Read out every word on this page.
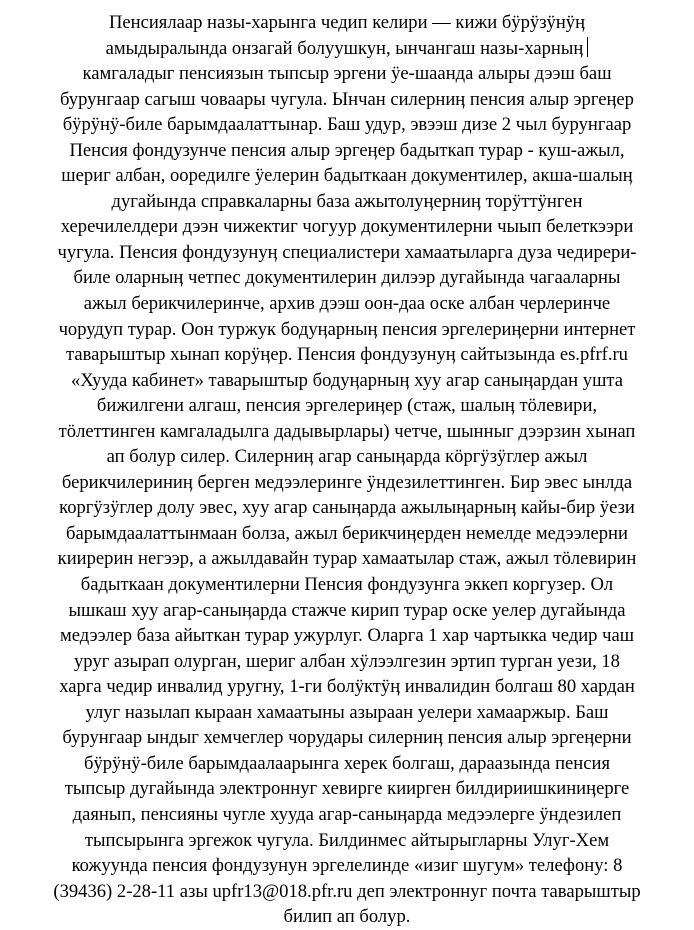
Пенсиялаар назы-харынга чедип келири — кижи бӱрӱзӱнӱӊ
амыдыралында онзагай болуушкун, ынчангаш назы-харныӊ
камгаладыг пенсиязын тыпсыр эргени ӱе-шаанда алыры дээш баш
бурунгаар сагыш човаары чугула. Ынчан силерниӊ пенсия алыр эргеӊер
бӱрӱнӱ-биле барымдаалаттынар. Баш удур, эвээш дизе 2 чыл бурунгаар
Пенсия фондузунче пенсия алыр эргеӊер бадыткап турар - куш-ажыл,
шериг албан, ооредилге ӱелерин бадыткаан документилер, акша-шалыӊ
дугайында справкаларны база ажытолуӊерниӊ торӱттӱнген
херечилелдери дээн чижектиг чогуур документилерни чыып белеткээри
чугула. Пенсия фондузунуӊ специалистери хамаатыларга дуза чедирери-
биле оларныӊ четпес документилерин дилээр дугайында чагааларны
ажыл берикчилеринче, архив дээш оон-даа оске албан черлеринче
чорудуп турар. Оон туржук бодуӊарныӊ пенсия эргелериӊерни интернет
таварыштыр хынап корӱӊер. Пенсия фондузунуӊ сайтызында es.pfrf.ru
«Хууда кабинет» таварыштыр бодуӊарныӊ хуу агар саныӊардан ушта
бижилгени алгаш, пенсия эргелериӊер (стаж, шалыӊ тӧлевири,
тӧлеттинген камгаладылга дадывырлары) четче, шынныг дээрзин хынап
ап болур силер. Силерниӊ агар саныӊарда кӧргӱзӱглер ажыл
берикчилериниӊ берген медээлеринге ӱндезилеттинген. Бир эвес ынлда
коргӱзӱглер долу эвес, хуу агар саныӊарда ажылыӊарныӊ кайы-бир ӱези
барымдаалаттынмаан болза, ажыл берикчиӊерден немелде медээлерни
киирерин негээр, а ажылдавайн турар хамаатылар стаж, ажыл тӧлевирин
бадыткаан документилерни Пенсия фондузунга эккеп коргузер. Ол
ышкаш хуу агар-саныӊарда стажче кирип турар оске уелер дугайында
медээлер база айыткан турар ужурлуг. Оларга 1 хар чартыкка чедир чаш
уруг азырап олурган, шериг албан хӱлээлгезин эртип турган уези, 18
харга чедир инвалид уругну, 1-ги болӱктӱӊ инвалидин болгаш 80 хардан
улуг назылап кыраан хамаатыны азыраан уелери хамааржыр. Баш
бурунгаар ындыг хемчеглер чорудары силерниӊ пенсия алыр эргеӊерни
бӱрӱнӱ-биле барымдаалаарынга херек болгаш, дараазында пенсия
тыпсыр дугайында электроннуг хевирге киирген билдириишкиниӊерге
даянып, пенсияны чугле хууда агар-саныӊарда медээлерге ӱндезилеп
тыпсырынга эргежок чугула. Билдинмес айтырыгларны Улуг-Хем
кожуунда пенсия фондузунун эргелелинде «изиг шугум» телефону: 8
(39436) 2-28-11 азы upfr13@018.pfr.ru деп электроннуг почта таварыштыр
билип ап болур.
